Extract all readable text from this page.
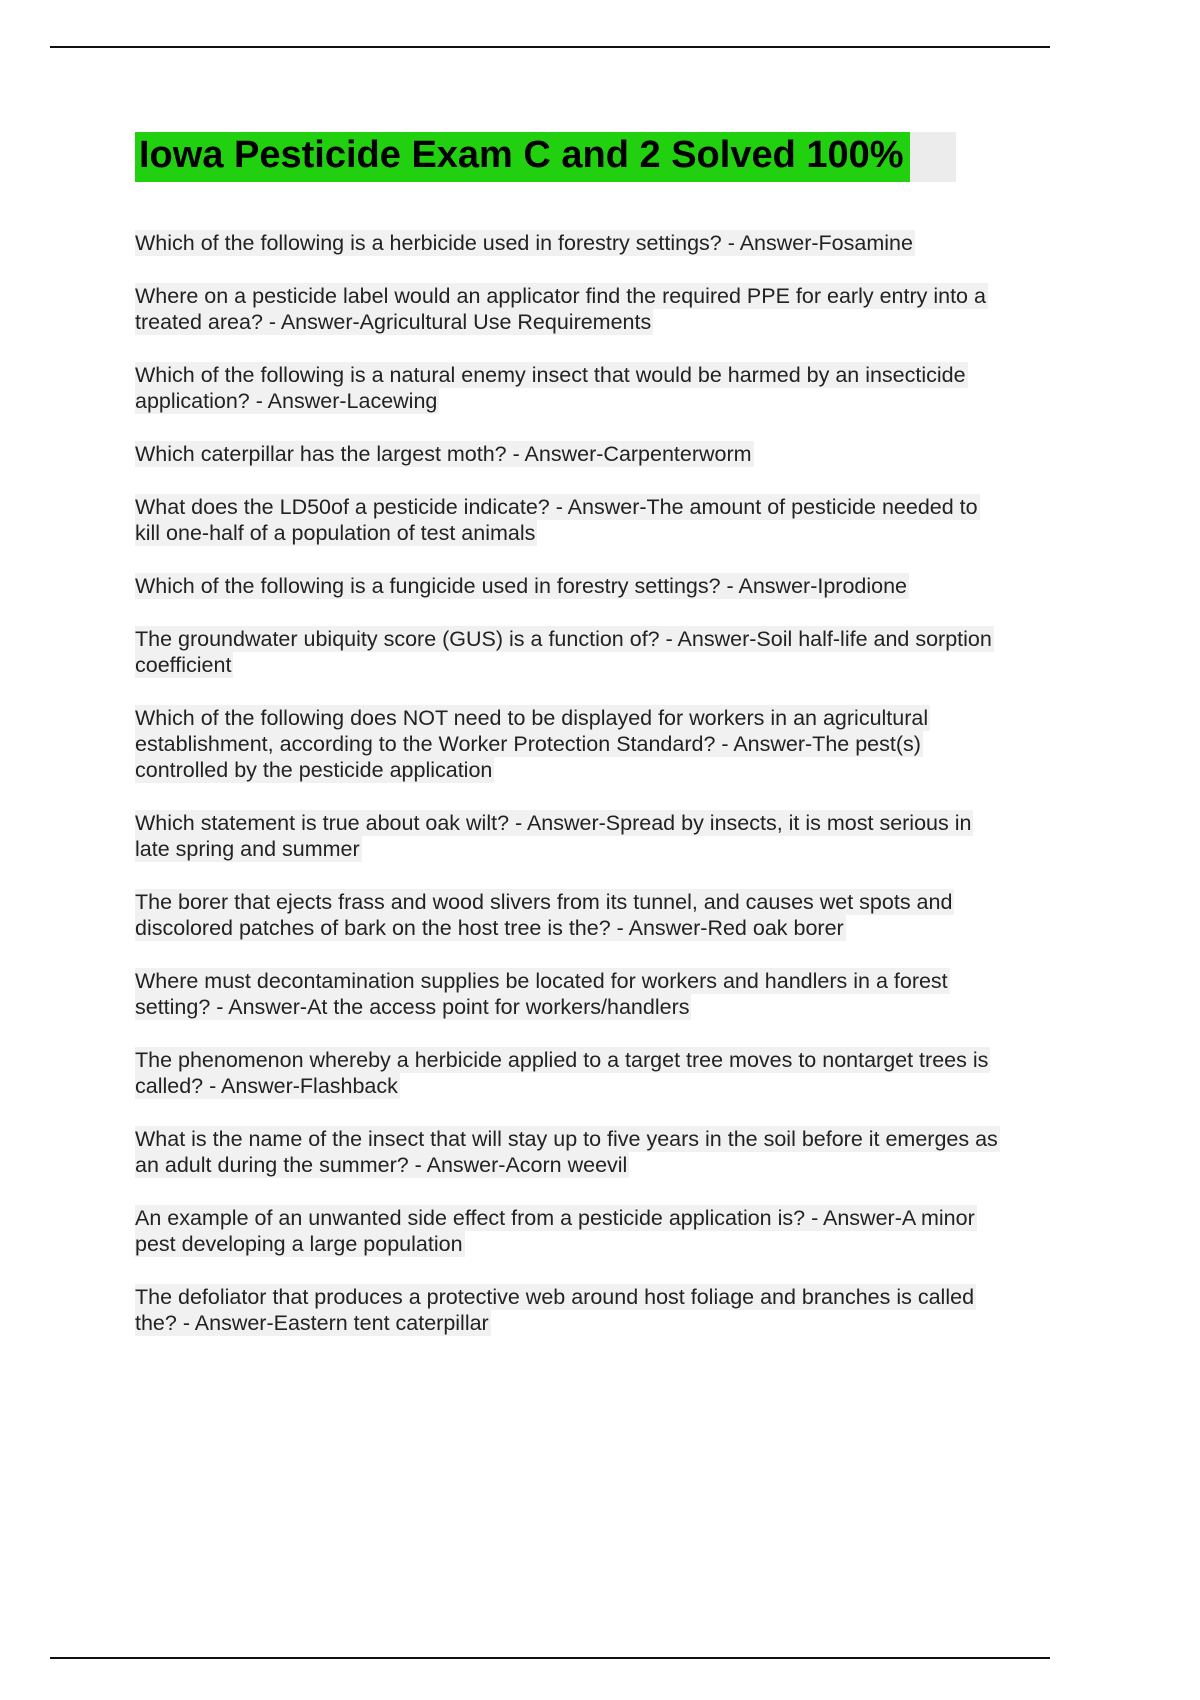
Iowa Pesticide Exam C and 2 Solved 100%

Which of the following is a herbicide used in forestry settings? - Answer-Fosamine

Where on a pesticide label would an applicator find the required PPE for early entry into a treated area? - Answer-Agricultural Use Requirements

Which of the following is a natural enemy insect that would be harmed by an insecticide application? - Answer-Lacewing

Which caterpillar has the largest moth? - Answer-Carpenterworm

What does the LD50of a pesticide indicate? - Answer-The amount of pesticide needed to kill one-half of a population of test animals

Which of the following is a fungicide used in forestry settings? - Answer-Iprodione

The groundwater ubiquity score (GUS) is a function of? - Answer-Soil half-life and sorption coefficient

Which of the following does NOT need to be displayed for workers in an agricultural establishment, according to the Worker Protection Standard? - Answer-The pest(s) controlled by the pesticide application

Which statement is true about oak wilt? - Answer-Spread by insects, it is most serious in late spring and summer

The borer that ejects frass and wood slivers from its tunnel, and causes wet spots and discolored patches of bark on the host tree is the? - Answer-Red oak borer

Where must decontamination supplies be located for workers and handlers in a forest setting? - Answer-At the access point for workers/handlers

The phenomenon whereby a herbicide applied to a target tree moves to nontarget trees is called? - Answer-Flashback

What is the name of the insect that will stay up to five years in the soil before it emerges as an adult during the summer? - Answer-Acorn weevil

An example of an unwanted side effect from a pesticide application is? - Answer-A minor pest developing a large population

The defoliator that produces a protective web around host foliage and branches is called the? - Answer-Eastern tent caterpillar
